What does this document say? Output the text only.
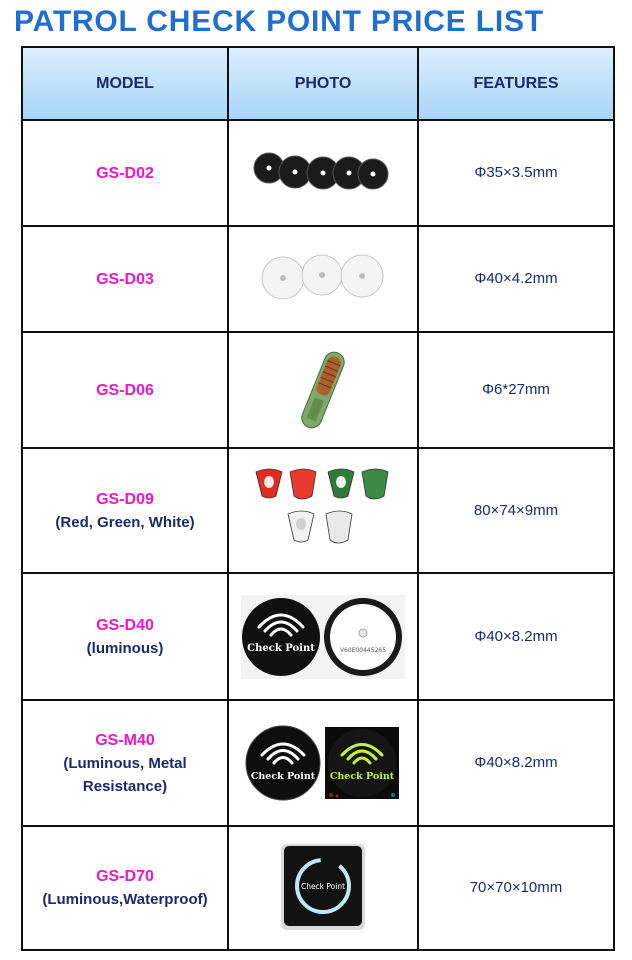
PATROL CHECK POINT PRICE LIST
MODEL	PHOTO	FEATURES

GS-D02		Φ35×3.5mm

GS-D03		Φ40×4.2mm

GS-D06		Φ6*27mm

GS-D09
(Red, Green, White)		80×74×9mm

GS-D40
(luminous)	Check Point V60E00445265	Φ40×8.2mm

GS-M40
(Luminous, Metal Resistance)	Check Point Check Point	Φ40×8.2mm

GS-D70
(Luminous,Waterproof)	Check Point	70×70×10mm
